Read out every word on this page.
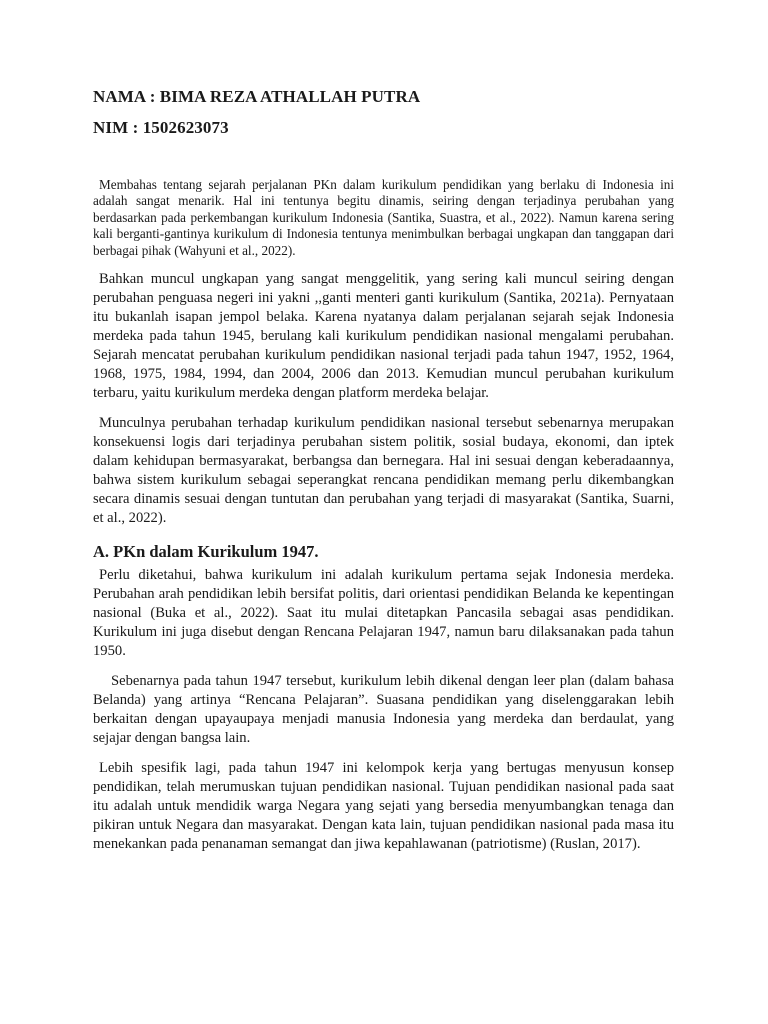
NAMA : BIMA REZA ATHALLAH PUTRA

NIM : 1502623073

Membahas tentang sejarah perjalanan PKn dalam kurikulum pendidikan yang berlaku di Indonesia ini adalah sangat menarik. Hal ini tentunya begitu dinamis, seiring dengan terjadinya perubahan yang berdasarkan pada perkembangan kurikulum Indonesia (Santika, Suastra, et al., 2022). Namun karena sering kali berganti-gantinya kurikulum di Indonesia tentunya menimbulkan berbagai ungkapan dan tanggapan dari berbagai pihak (Wahyuni et al., 2022).

Bahkan muncul ungkapan yang sangat menggelitik, yang sering kali muncul seiring dengan perubahan penguasa negeri ini yakni ,,ganti menteri ganti kurikulum (Santika, 2021a). Pernyataan itu bukanlah isapan jempol belaka. Karena nyatanya dalam perjalanan sejarah sejak Indonesia merdeka pada tahun 1945, berulang kali kurikulum pendidikan nasional mengalami perubahan. Sejarah mencatat perubahan kurikulum pendidikan nasional terjadi pada tahun 1947, 1952, 1964, 1968, 1975, 1984, 1994, dan 2004, 2006 dan 2013. Kemudian muncul perubahan kurikulum terbaru, yaitu kurikulum merdeka dengan platform merdeka belajar.

Munculnya perubahan terhadap kurikulum pendidikan nasional tersebut sebenarnya merupakan konsekuensi logis dari terjadinya perubahan sistem politik, sosial budaya, ekonomi, dan iptek dalam kehidupan bermasyarakat, berbangsa dan bernegara. Hal ini sesuai dengan keberadaannya, bahwa sistem kurikulum sebagai seperangkat rencana pendidikan memang perlu dikembangkan secara dinamis sesuai dengan tuntutan dan perubahan yang terjadi di masyarakat (Santika, Suarni, et al., 2022).

A. PKn dalam Kurikulum 1947.

Perlu diketahui, bahwa kurikulum ini adalah kurikulum pertama sejak Indonesia merdeka. Perubahan arah pendidikan lebih bersifat politis, dari orientasi pendidikan Belanda ke kepentingan nasional (Buka et al., 2022). Saat itu mulai ditetapkan Pancasila sebagai asas pendidikan. Kurikulum ini juga disebut dengan Rencana Pelajaran 1947, namun baru dilaksanakan pada tahun 1950.

Sebenarnya pada tahun 1947 tersebut, kurikulum lebih dikenal dengan leer plan (dalam bahasa Belanda) yang artinya “Rencana Pelajaran”. Suasana pendidikan yang diselenggarakan lebih berkaitan dengan upayaupaya menjadi manusia Indonesia yang merdeka dan berdaulat, yang sejajar dengan bangsa lain.

Lebih spesifik lagi, pada tahun 1947 ini kelompok kerja yang bertugas menyusun konsep pendidikan, telah merumuskan tujuan pendidikan nasional. Tujuan pendidikan nasional pada saat itu adalah untuk mendidik warga Negara yang sejati yang bersedia menyumbangkan tenaga dan pikiran untuk Negara dan masyarakat. Dengan kata lain, tujuan pendidikan nasional pada masa itu menekankan pada penanaman semangat dan jiwa kepahlawanan (patriotisme) (Ruslan, 2017).
